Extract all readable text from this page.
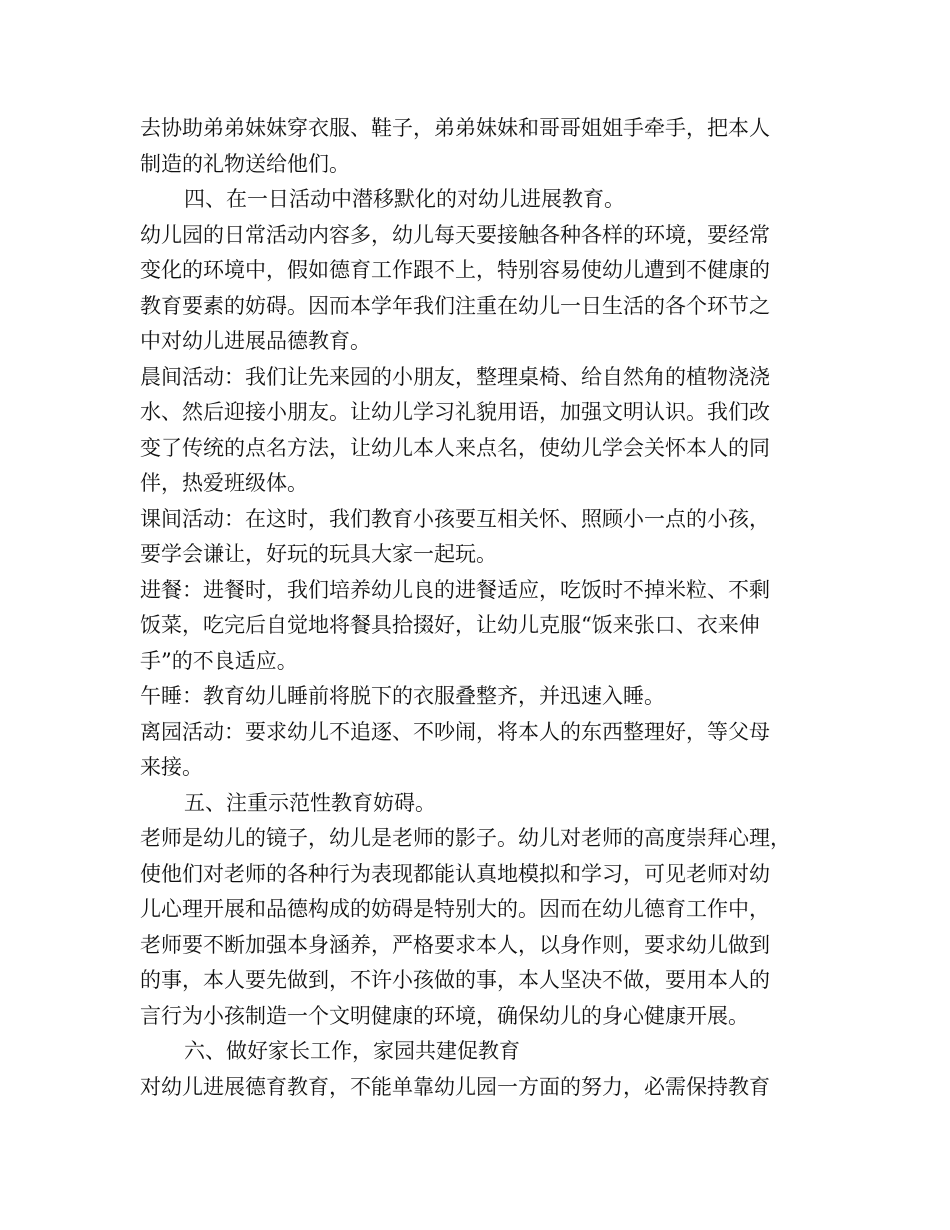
去协助弟弟妹妹穿衣服、鞋子，弟弟妹妹和哥哥姐姐手牵手，把本人
制造的礼物送给他们。
四、在一日活动中潜移默化的对幼儿进展教育。
幼儿园的日常活动内容多，幼儿每天要接触各种各样的环境，要经常
变化的环境中，假如德育工作跟不上，特别容易使幼儿遭到不健康的
教育要素的妨碍。因而本学年我们注重在幼儿一日生活的各个环节之
中对幼儿进展品德教育。
晨间活动：我们让先来园的小朋友，整理桌椅、给自然角的植物浇浇
水、然后迎接小朋友。让幼儿学习礼貌用语，加强文明认识。我们改
变了传统的点名方法，让幼儿本人来点名，使幼儿学会关怀本人的同
伴，热爱班级体。
课间活动：在这时，我们教育小孩要互相关怀、照顾小一点的小孩，
要学会谦让，好玩的玩具大家一起玩。
进餐：进餐时，我们培养幼儿良的进餐适应，吃饭时不掉米粒、不剩
饭菜，吃完后自觉地将餐具拾掇好，让幼儿克服“饭来张口、衣来伸
手”的不良适应。
午睡：教育幼儿睡前将脱下的衣服叠整齐，并迅速入睡。
离园活动：要求幼儿不追逐、不吵闹，将本人的东西整理好，等父母
来接。
五、注重示范性教育妨碍。
老师是幼儿的镜子，幼儿是老师的影子。幼儿对老师的高度崇拜心理，
使他们对老师的各种行为表现都能认真地模拟和学习，可见老师对幼
儿心理开展和品德构成的妨碍是特别大的。因而在幼儿德育工作中，
老师要不断加强本身涵养，严格要求本人，以身作则，要求幼儿做到
的事，本人要先做到，不许小孩做的事，本人坚决不做，要用本人的
言行为小孩制造一个文明健康的环境，确保幼儿的身心健康开展。
六、做好家长工作，家园共建促教育
对幼儿进展德育教育，不能单靠幼儿园一方面的努力，必需保持教育
